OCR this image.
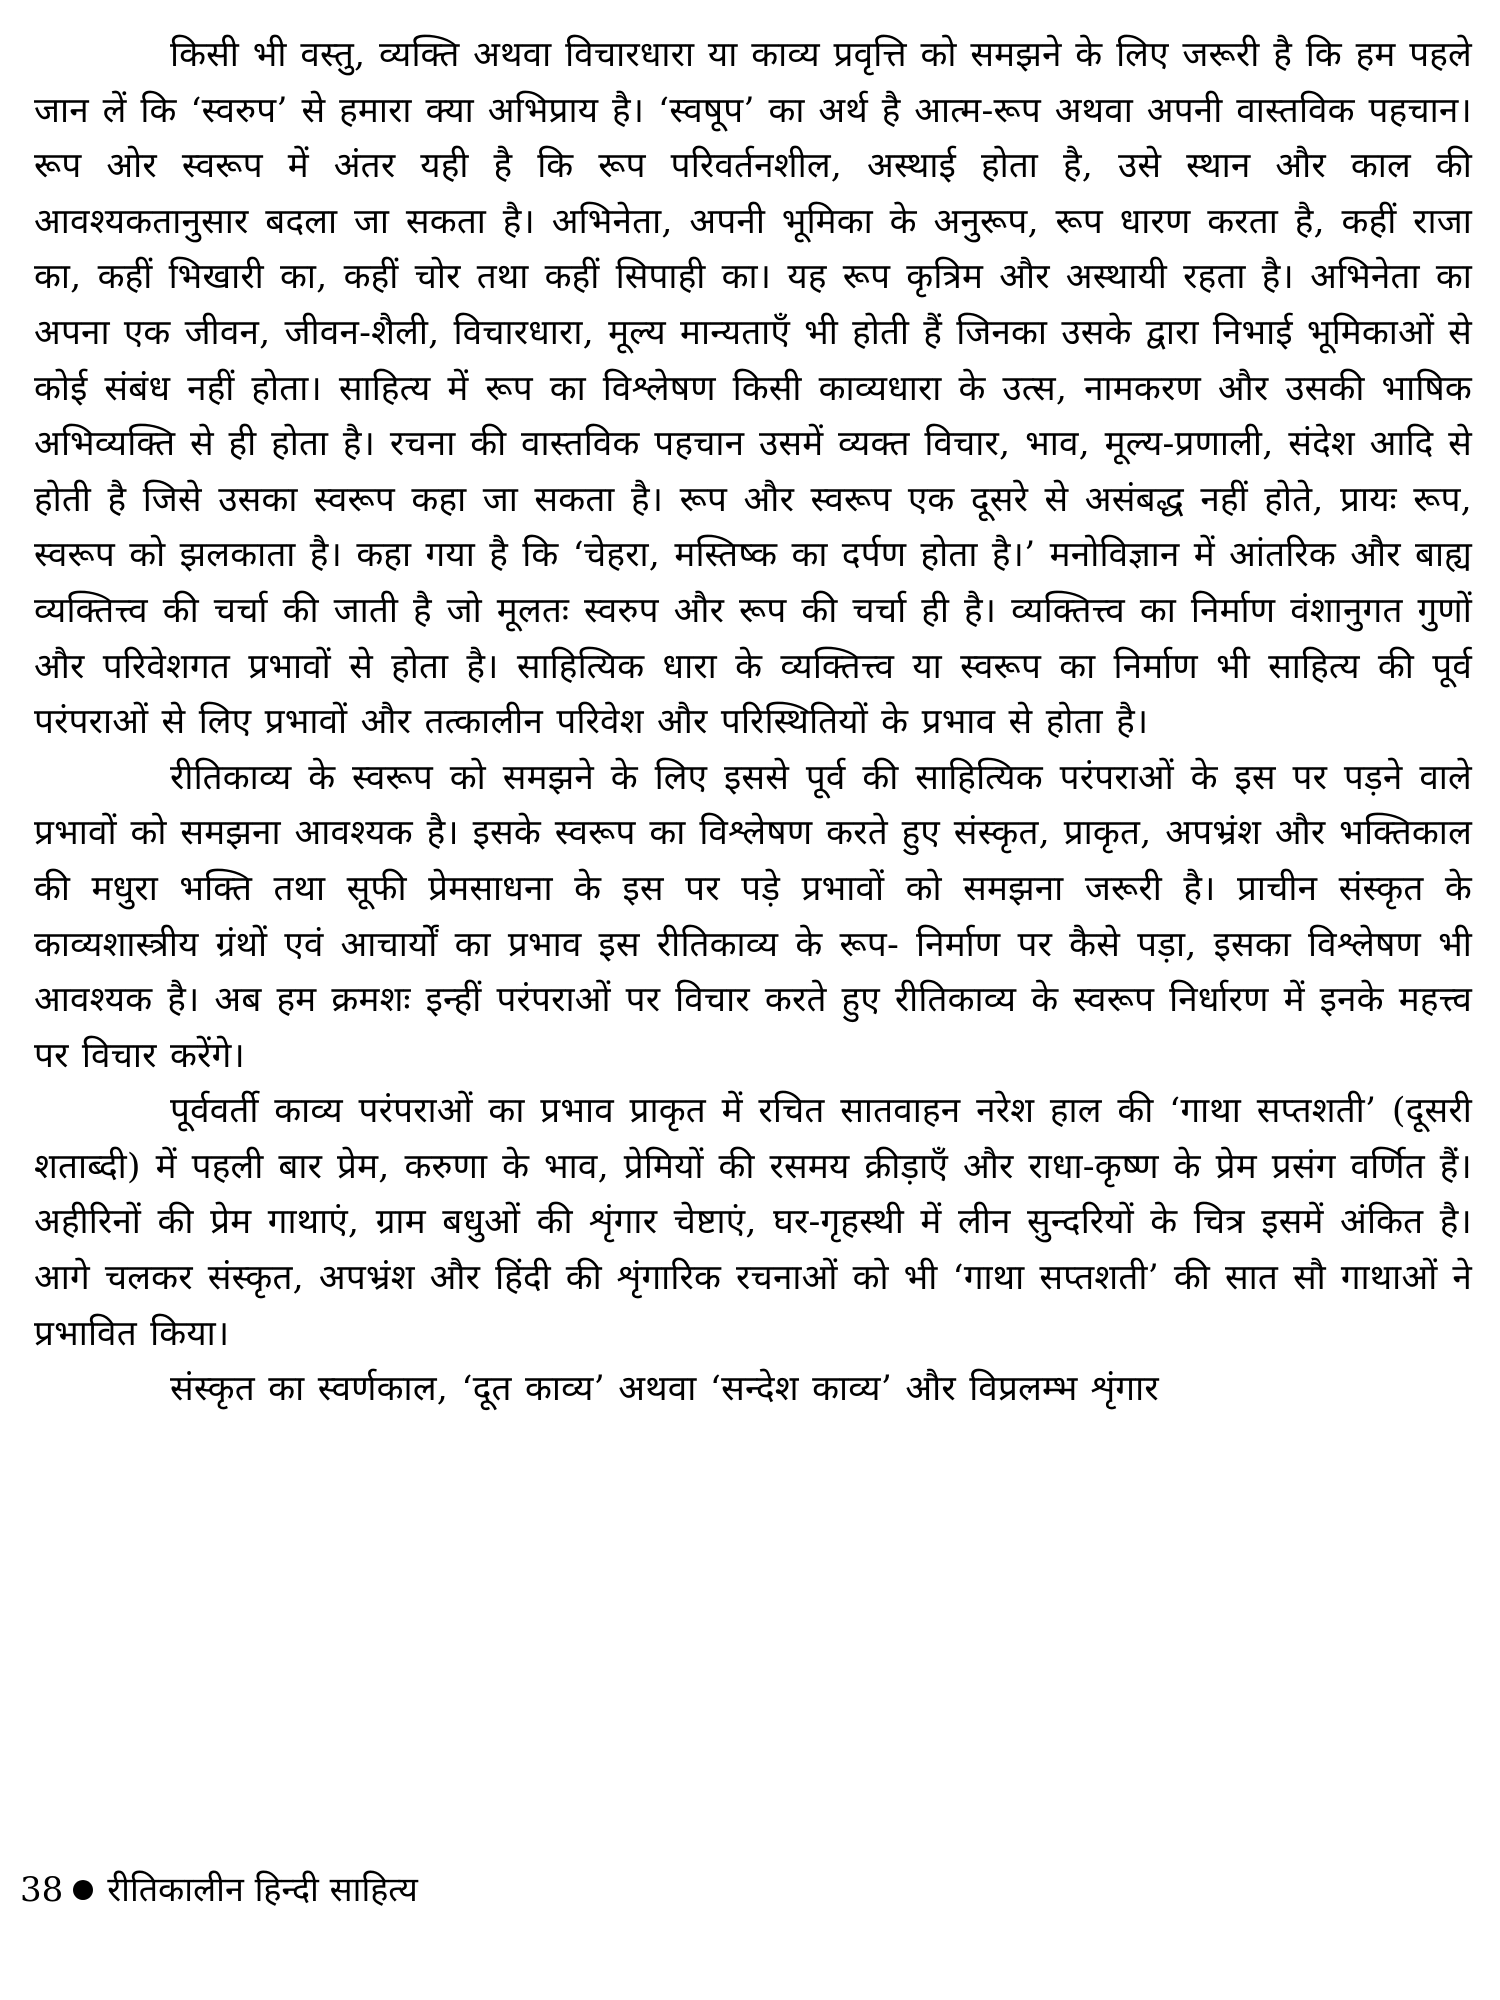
किसी भी वस्तु, व्यक्ति अथवा विचारधारा या काव्य प्रवृत्ति को समझने के लिए जरूरी है कि हम पहले जान लें कि ‘स्वरुप’ से हमारा क्या अभिप्राय है। ‘स्वषूप’ का अर्थ है आत्म-रूप अथवा अपनी वास्तविक पहचान। रूप ओर स्वरूप में अंतर यही है कि रूप परिवर्तनशील, अस्थाई होता है, उसे स्थान और काल की आवश्यकतानुसार बदला जा सकता है। अभिनेता, अपनी भूमिका के अनुरूप, रूप धारण करता है, कहीं राजा का, कहीं भिखारी का, कहीं चोर तथा कहीं सिपाही का। यह रूप कृत्रिम और अस्थायी रहता है। अभिनेता का अपना एक जीवन, जीवन-शैली, विचारधारा, मूल्य मान्यताएँ भी होती हैं जिनका उसके द्वारा निभाई भूमिकाओं से कोई संबंध नहीं होता। साहित्य में रूप का विश्लेषण किसी काव्यधारा के उत्स, नामकरण और उसकी भाषिक अभिव्यक्ति से ही होता है। रचना की वास्तविक पहचान उसमें व्यक्त विचार, भाव, मूल्य-प्रणाली, संदेश आदि से होती है जिसे उसका स्वरूप कहा जा सकता है। रूप और स्वरूप एक दूसरे से असंबद्ध नहीं होते, प्रायः रूप, स्वरूप को झलकाता है। कहा गया है कि ‘चेहरा, मस्तिष्क का दर्पण होता है।’ मनोविज्ञान में आंतरिक और बाह्य व्यक्तित्त्व की चर्चा की जाती है जो मूलतः स्वरुप और रूप की चर्चा ही है। व्यक्तित्त्व का निर्माण वंशानुगत गुणों और परिवेशगत प्रभावों से होता है। साहित्यिक धारा के व्यक्तित्त्व या स्वरूप का निर्माण भी साहित्य की पूर्व परंपराओं से लिए प्रभावों और तत्कालीन परिवेश और परिस्थितियों के प्रभाव से होता है।

रीतिकाव्य के स्वरूप को समझने के लिए इससे पूर्व की साहित्यिक परंपराओं के इस पर पड़ने वाले प्रभावों को समझना आवश्यक है। इसके स्वरूप का विश्लेषण करते हुए संस्कृत, प्राकृत, अपभ्रंश और भक्तिकाल की मधुरा भक्ति तथा सूफी प्रेमसाधना के इस पर पड़े प्रभावों को समझना जरूरी है। प्राचीन संस्कृत के काव्यशास्त्रीय ग्रंथों एवं आचार्यों का प्रभाव इस रीतिकाव्य के रूप- निर्माण पर कैसे पड़ा, इसका विश्लेषण भी आवश्यक है। अब हम क्रमशः इन्हीं परंपराओं पर विचार करते हुए रीतिकाव्य के स्वरूप निर्धारण में इनके महत्त्व पर विचार करेंगे।

पूर्ववर्ती काव्य परंपराओं का प्रभाव प्राकृत में रचित सातवाहन नरेश हाल की ‘गाथा सप्तशती’ (दूसरी शताब्दी) में पहली बार प्रेम, करुणा के भाव, प्रेमियों की रसमय क्रीड़ाएँ और राधा-कृष्ण के प्रेम प्रसंग वर्णित हैं। अहीरिनों की प्रेम गाथाएं, ग्राम बधुओं की शृंगार चेष्टाएं, घर-गृहस्थी में लीन सुन्दरियों के चित्र इसमें अंकित है। आगे चलकर संस्कृत, अपभ्रंश और हिंदी की शृंगारिक रचनाओं को भी ‘गाथा सप्तशती’ की सात सौ गाथाओं ने प्रभावित किया।

संस्कृत का स्वर्णकाल, ‘दूत काव्य’ अथवा ‘सन्देश काव्य’ और विप्रलम्भ शृंगार

38 रीतिकालीन हिन्दी साहित्य
